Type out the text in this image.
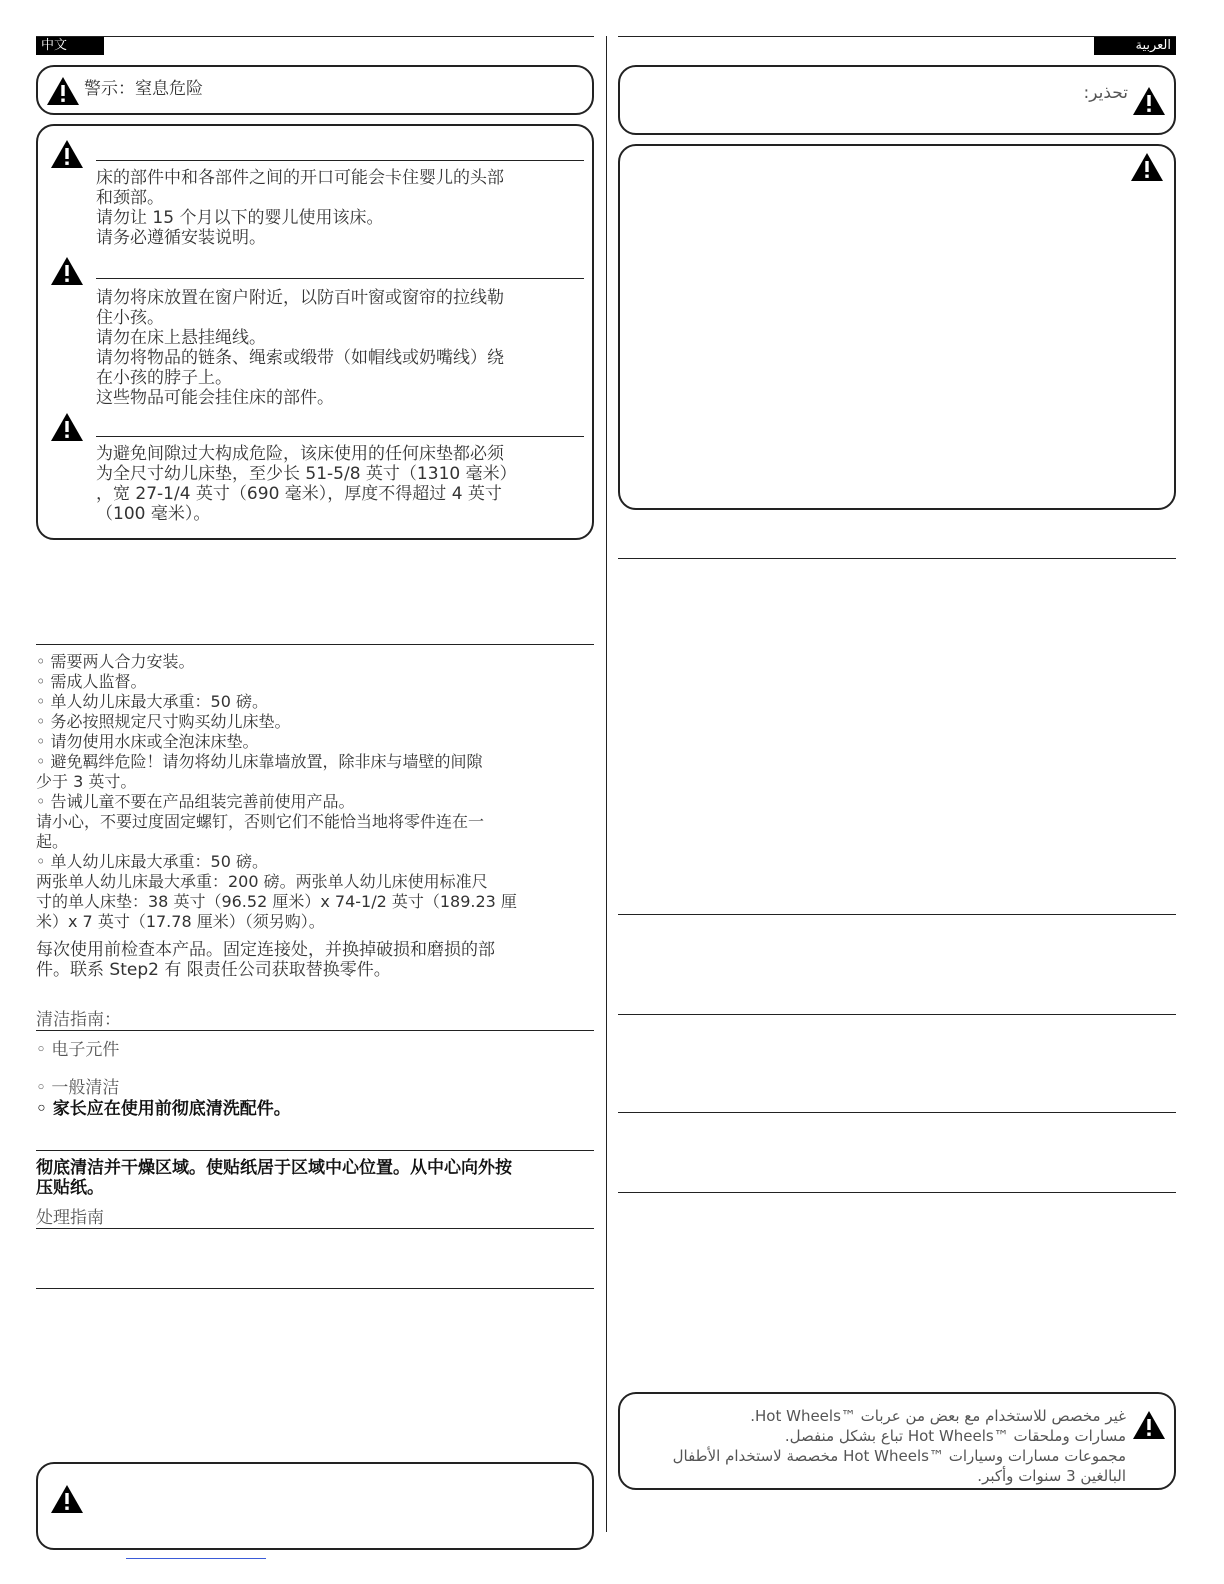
中文
警示：窒息危险
床的部件中和各部件之间的开口可能会卡住婴儿的头部
和颈部。
请勿让 15 个月以下的婴儿使用该床。
请务必遵循安装说明。
请勿将床放置在窗户附近，以防百叶窗或窗帘的拉线勒
住小孩。
请勿在床上悬挂绳线。
请勿将物品的链条、绳索或缎带（如帽线或奶嘴线）绕
在小孩的脖子上。
这些物品可能会挂住床的部件。
为避免间隙过大构成危险，该床使用的任何床垫都必须
为全尺寸幼儿床垫，至少长 51-5/8 英寸（1310 毫米）
，宽 27-1/4 英寸（690 毫米），厚度不得超过 4 英寸
（100 毫米）。
◦ 需要两人合力安装。
◦ 需成人监督。
◦ 单人幼儿床最大承重：50 磅。
◦ 务必按照规定尺寸购买幼儿床垫。
◦ 请勿使用水床或全泡沫床垫。
◦ 避免羁绊危险！请勿将幼儿床靠墙放置，除非床与墙壁的间隙
少于 3 英寸。
◦ 告诫儿童不要在产品组装完善前使用产品。
请小心，不要过度固定螺钉，否则它们不能恰当地将零件连在一
起。
◦ 单人幼儿床最大承重：50 磅。
两张单人幼儿床最大承重：200 磅。两张单人幼儿床使用标准尺
寸的单人床垫：38 英寸（96.52 厘米）x 74-1/2 英寸（189.23 厘
米）x 7 英寸（17.78 厘米）（须另购）。
每次使用前检查本产品。固定连接处，并换掉破损和磨损的部
件。联系 Step2 有 限责任公司获取替换零件。
清洁指南：
◦ 电子元件
◦ 一般清洁
◦ 家长应在使用前彻底清洗配件。
彻底清洁并干燥区域。使贴纸居于区域中心位置。从中心向外按
压贴纸。
处理指南
العربية
تحذير:
غير مخصص للاستخدام مع بعض من عربات ™Hot Wheels.
مسارات وملحقات ™Hot Wheels تباع بشكل منفصل.
مجموعات مسارات وسيارات ™Hot Wheels مخصصة لاستخدام الأطفال
البالغين 3 سنوات وأكبر.
